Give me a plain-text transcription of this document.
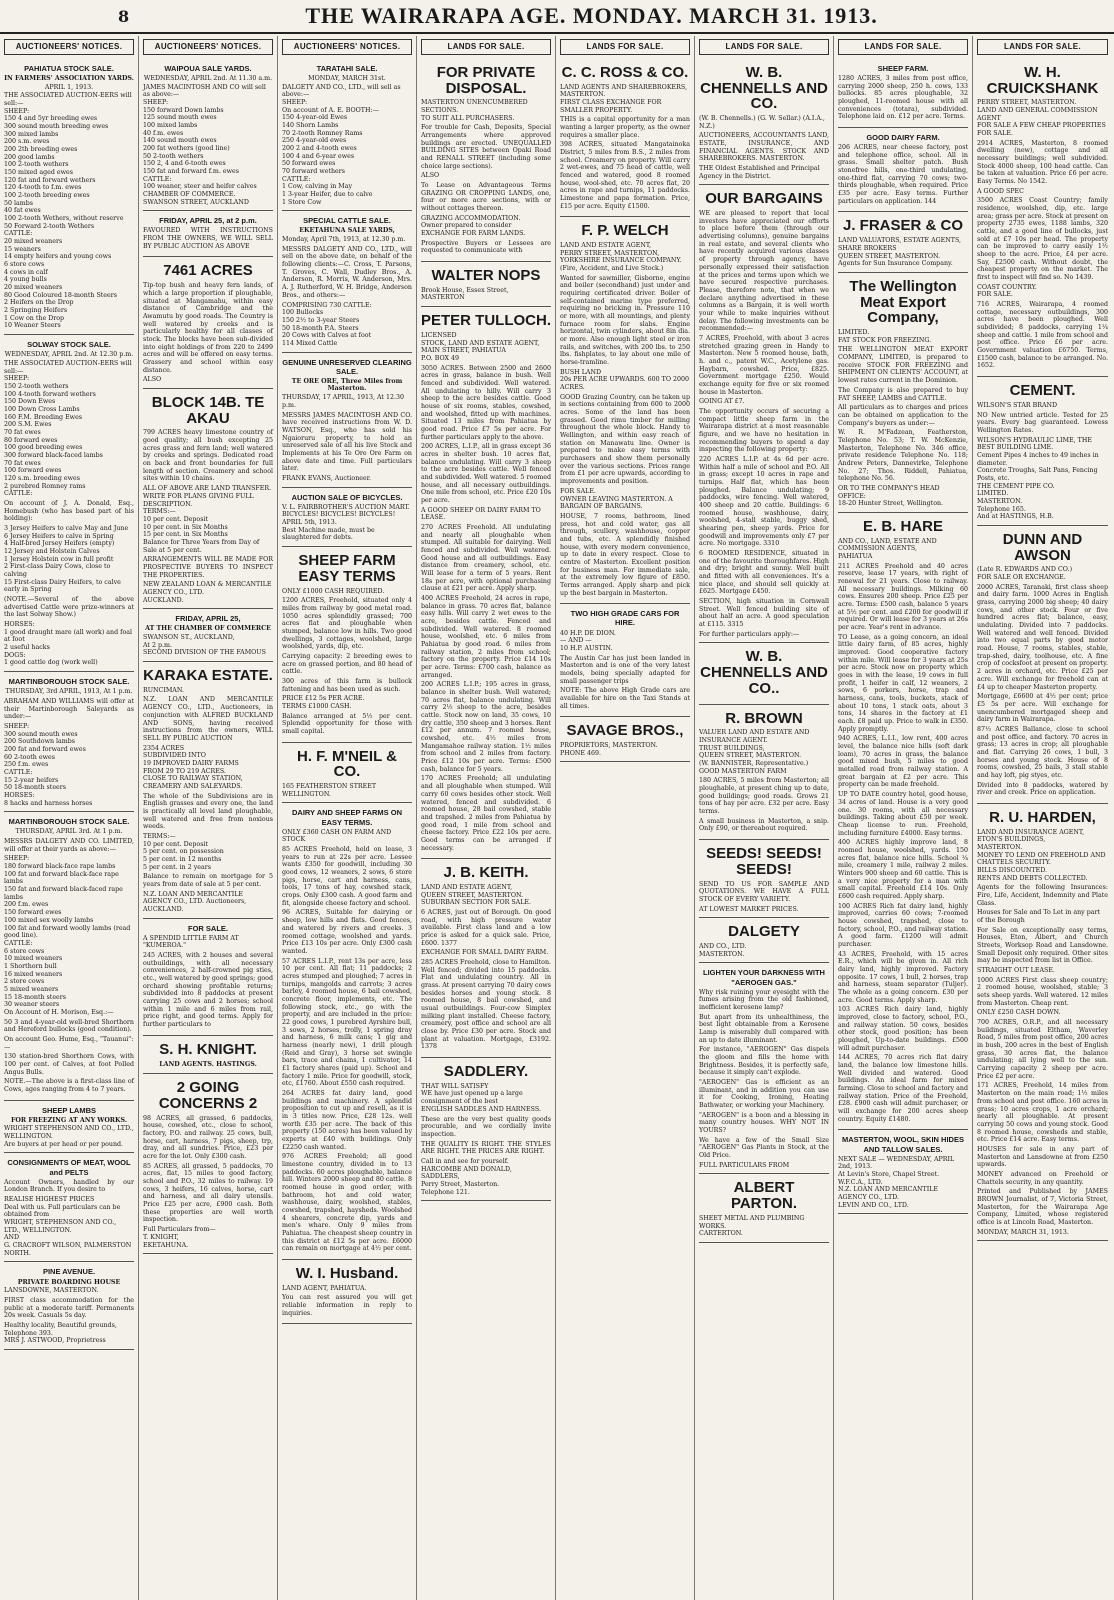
8	THE WAIRARAPA AGE. MONDAY. MARCH 31. 1913.
AUCTIONEERS' NOTICES.
PAHIATUA STOCK SALE.
IN FARMERS' ASSOCIATION YARDS.
APRIL 1, 1913.
THE ASSOCIATED AUCTION-EERS will sell:—
SHEEP:
150 4 and 5yr breeding ewes
300 sound mouth breeding ewes
300 mixed lambs
200 s.m. ewes
200 2th breeding ewes
200 good lambs
100 2-tooth wethers
150 mixed aged ewes
120 fat and forward wethers
120 4-tooth to f.m. ewes
100 2-tooth breeding ewes
50 lambs
40 fat ewes
100 2-tooth Wethers, without reserve
50 Forward 2-tooth Wethers
CATTLE:
20 mixed weaners
15 weaners
14 empty heifers and young cows
6 store cows
4 cows in calf
4 young bulls
20 mixed weaners
80 Good Coloured 18-month Steers
2 Heifers on the Drop
2 Springing Heifers
1 Cow on the Drop
10 Weaner Steers
SOLWAY STOCK SALE.
WEDNESDAY, APRIL 2nd. At 12.30 p.m.
THE ASSOCIATED AUCTION-EERS will sell:—
SHEEP:
150 2-tooth wethers
100 4-tooth forward wethers
150 Down Ewes
100 Down Cross Lambs
160 F.M. Breeding Ewes
200 S.M. Ewes
70 fat ewes
80 forward ewes
100 good breeding ewes
300 forward black-faced lambs
70 fat ewes
100 forward ewes
120 s.m. breeding ewes
2 purebred Romney rams
CATTLE:
On account of J. A. Donald, Esq., Homebush (who has based part of his holding):
3 Jersey Heifers to calve May and June
6 Jersey Heifers to calve in Spring
4 Half-bred Jersey Heifers (empty)
12 Jersey and Holstein Calves
1 Jersey Holstein cow in full profit
2 First-class Dairy Cows, close to calving
15 First-class Dairy Heifers, to calve early in Spring
(NOTE.—Several of the above advertised Cattle were prize-winners at the last Solway Show.)
HORSES:
1 good draught mare (all work) and foal at foot
2 useful hacks
DOGS:
1 good cattle dog (work well)
MARTINBOROUGH STOCK SALE.
THURSDAY, 3rd APRIL, 1913, At 1 p.m.
ABRAHAM AND WILLIAMS will offer at their Martinborough Saleyards as under:—
SHEEP:
300 sound mouth ewes
200 Southdown lambs
200 fat and forward ewes
60 2-tooth ewes
250 f.m. ewes
CATTLE:
15 2-year heifers
50 18-month steers
HORSES:
8 hacks and harness horses
MARTINBOROUGH STOCK SALE.
THURSDAY, APRIL 3rd. At 1 p.m.
MESSRS DALGETY AND CO. LIMITED, will offer at their yards as above:—
SHEEP:
180 forward black-face rape lambs
100 fat and forward black-face rape lambs
150 fat and forward black-faced rape lambs
200 f.m. ewes
150 forward ewes
100 mixed sex woolly lambs
100 fat and forward woolly lambs (read good line).
CATTLE:
6 store cows
10 mixed weaners
1 Shorthorn bull
16 mixed weaners
2 store cows
5 mixed weaners
15 18-month steers
30 weaner steers
On Account of H. Morison, Esq.:—
50 3 and 4-year-old well-bred Shorthorn and Hereford bullocks (good condition).
On account Geo. Hume, Esq., "Tauanui":—
130 station-bred Shorthorn Cows, with 100 per cent. of Calves, at foot Polled Angus Bulls.
NOTE.—The above is a first-class line of Cows, ages ranging from 4 to 7 years.
SHEEP LAMBS
FOR FREEZING AT ANY WORKS.
WRIGHT STEPHENSON AND CO., LTD.,
WELLINGTON.
Are buyers at per head or per pound.
CONSIGNMENTS OF MEAT, WOOL and PELTS
Account Owners, handled by our London Branch. If you desire to
REALISE HIGHEST PRICES
Deal with us. Full particulars can be obtained from
WRIGHT, STEPHENSON AND CO., LTD., WELLINGTON.
AND
G. CRACROFT WILSON, PALMERSTON NORTH.
PINE AVENUE.
PRIVATE BOARDING HOUSE
LANSDOWNE, MASTERTON.
FIRST class accommodation for the public at a moderate tariff. Permanents 20s week. Casuals 5s day.
Healthy locality, Beautiful grounds, Telephone 393.
MRS J. ASTWOOD, Proprietress
AUCTIONEERS' NOTICES.
WAIPOUA SALE YARDS.
WEDNESDAY, APRIL 2nd. At 11.30 a.m.
JAMES MACINTOSH AND CO will sell as above:—
SHEEP:
150 forward Down lambs
125 sound mouth ewes
100 mixed lambs
40 f.m. ewes
140 sound mouth ewes
200 fat wethers (good line)
50 2-tooth wethers
150 2, 4 and 6-tooth ewes
150 fat and forward f.m. ewes
CATTLE:
100 weaner, steer and heifer calves
CHAMBER OF COMMERCE.
SWANSON STREET, AUCKLAND
FRIDAY, APRIL 25, at 2 p.m.
FAVOURED WITH INSTRUCTIONS FROM THE OWNERS, WE WILL SELL BY PUBLIC AUCTION AS ABOVE
7461 ACRES
Tip-top bush and heavy fern lands, of which a large proportion if ploughable, situated at Mangamahu, within easy distance of Cambridge and the Awamutu by good roads. The Country is well watered by creeks and is particularly healthy for all classes of stock. The blocks have been sub-divided into eight holdings of from 220 to 2499 acres and will be offered on easy terms. Grassery and school within easy distance.
ALSO
BLOCK 14B. TE AKAU
799 ACRES heavy limestone country of good quality; all bush excepting 25 acres grass and fern land; well watered by creeks and springs. Dedicated road on back and front boundaries for full length of section. Creamery and school sites within 10 chains.
ALL OF ABOVE ARE LAND TRANSFER.
WRITE FOR PLANS GIVING FULL DESCRIPTION.
TERMS:—
10 per cent. Deposit
10 per cent. in Six Months
15 per cent. in Six Months
Balance for Three Years from Day of Sale at 5 per cent.
ARRANGEMENTS WILL BE MADE FOR PROSPECTIVE BUYERS TO INSPECT THE PROPERTIES.
NEW ZEALAND LOAN & MERCANTILE AGENCY CO., LTD.
AUCKLAND.
FRIDAY, APRIL 25,
AT THE CHAMBER OF COMMERCE
SWANSON ST., AUCKLAND,
At 2 p.m.
SECOND DIVISION OF THE FAMOUS
KARAKA ESTATE.
RUNCIMAN.
N.Z. LOAN AND MERCANTILE AGENCY CO., LTD., Auctioneers, in conjunction with ALFRED BUCKLAND AND SONS, having received instructions from the owners, WILL SELL BY PUBLIC AUCTION
2354 ACRES
SUBDIVIDED INTO
19 IMPROVED DAIRY FARMS
FROM 29 TO 219 ACRES.
CLOSE TO RAILWAY STATION, CREAMERY AND SALEYARDS.
The whole of the Subdivisions are in English grasses and every one, the land is practically all level land ploughable, well watered and free from noxious weeds.
TERMS:—
10 per cent. Deposit
5 per cent. on possession
5 per cent. in 12 months
5 per cent. in 2 years
Balance to remain on mortgage for 5 years from date of sale at 5 per cent.
N.Z. LOAN AND MERCANTILE AGENCY CO., LTD. Auctioneers,
AUCKLAND.
FOR SALE.
A SPENDID LITTLE FARM AT
"KUMEROA."
245 ACRES, with 2 houses and several outbuildings, with all necessary conveniences, 2 half-crowned pig sties, etc., well watered by good springs; good orchard showing profitable returns; subdivided into 8 paddocks at present carrying 25 cows and 2 horses; school within 1 mile and 6 miles from rail, price right, and good terms. Apply for further particulars to
S. H. KNIGHT.
LAND AGENTS. HASTINGS.
2 GOING CONCERNS 2
98 ACRES, all grassed, 6 paddocks, house, cowshed, etc., close to school, factory, P.O. and railway. 25 cows, bull, horse, cart, harness, 7 pigs, sheep, trp, dray, and all sundries. Price, £23 per acre for the lot. Only £300 cash.
85 ACRES, all grassed, 5 paddocks, 70 acres, flat, 15 miles to good factory, school and P.O., 32 miles to railway. 19 cows, 3 heifers, 16 calves, horse, cart and harness, and all dairy utensils. Price £25 per acre, £900 cash. Both these properties are well worth inspection.
Full Particulars from—
T. KNIGHT,
EKETAHUNA.
AUCTIONEERS' NOTICES.
TARATAHI SALE.
MONDAY, MARCH 31st.
DALGETY AND CO., LTD., will sell as above:—
SHEEP:
On account of A. E. BOOTH:—
150 4-year-old Ewes
140 Shorn Lambs
70 2-tooth Romney Rams
250 4-year-old ewes
200 2 and 4-tooth ewes
100 4 and 6-year ewes
50 forward ewes
70 forward wethers
CATTLE:
1 Cow, calving in May
1 3-year Heifer, due to calve
1 Store Cow
SPECIAL CATTLE SALE.
EKETAHUNA SALE YARDS,
Monday, April 7th, 1913, at 12.30 p.m.
MESSRS DALGETY AND CO., LTD., will sell on the above date, on behalf of the following clients:—C. Cross, T. Parsons, T. Groves, C. Wall, Dudley Bros., A. Anderson, R. Morris, W. Anderson, Mrs. A. J. Rutherford, W. H. Bridge, Anderson Bros., and others:—
COMPRISING 730 CATTLE:
100 Bullocks
150 2½ to 3-year Steers
50 18-month P.A. Steers
20 Cows with Calves at foot
114 Mixed Cattle
GENUINE UNRESERVED CLEARING SALE.
TE ORE ORE, Three Miles from Masterton.
THURSDAY, 17 APRIL, 1913, At 12.30 p.m.
MESSRS JAMES MACINTOSH AND CO. have received instructions from W. D. WATSON, Esq., who has sold his Ngaioruru property, to hold an unreserved sale of all his live Stock and Implements at his Te Ore Ore Farm on above date and time. Full particulars later.
FRANK EVANS, Auctioneer.
AUCTION SALE OF BICYCLES.
V. L. FAIRBROTHER'S AUCTION MART.
BICYCLES! BICYCLES! BICYCLES!
APRIL 5th, 1913.
Best Machine made, must be slaughtered for debts.
SHEEP FARM EASY TERMS
ONLY £1000 CASH REQUIRED.
1200 ACRES, Freehold, situated only 4 miles from railway by good metal road. 1050 acres splendidly grassed; 700 acres flat and ploughable when stumped, balance low in hills. Two good dwellings, 3 cottages, woolshed, large woolshed, yards, dip, etc.
Carrying capacity: 2 breeding ewes to acre on grassed portion, and 80 head of cattle.
300 acres of this farm is bullock fattening and has been used as such.
PRICE £12 5s PER ACRE.
TERMS £1000 CASH.
Balance arranged at 5½ per cent. Splendid opportunity for those with small capital.
H. F. M'NEIL & CO.
165 FEATHERSTON STREET
WELLINGTON.
DAIRY AND SHEEP FARMS ON EASY TERMS.
ONLY £360 CASH ON FARM AND STOCK
85 ACRES Freehold, held on lease, 3 years to run at 22s per acre. Lessee wants £350 for goodwill, including 30 good cows, 12 weaners, 2 sows, 6 store pigs, horse, cart and harness, cans, tools, 17 tons of hay, cowshed stack, crops. Only £300 cash. A good farm and fit, alongside cheese factory and school.
96 ACRES, Suitable for dairying or sheep, low hills and flats. Good fences, and watered by rivers and creeks. 3 roomed cottage, woolshed and yards. Price £13 10s per acre. Only £300 cash wanted.
57 ACRES L.I.P., rent 13s per acre, less 10 per cent. All flat; 11 paddocks; 2 acres stumped and ploughed; 7 acres in turnips, mangolds and carrots; 3 acres barley, 4 roomed house, 6 bail cowshed, concrete floor, implements, etc. The following stock, etc., go with the property, and are included in the price: 22 good cows, 1 purebred Ayrshire bull, 3 sows, 2 horses, trolly, 1 spring dray and harness, 6 milk cans; 1 gig and harness (nearly new), 1 drill plough (Reid and Gray), 3 horse set swingle bars, trace and chains, 1 cultivator, 14 £1 factory shares (paid up). School and factory 1 mile. Price for goodwill, stock, etc, £1760. About £550 cash required.
264 ACRES fat dairy land, good buildings and machinery. A splendid proposition to cut up and resell, as it is in 3 titles now. Price, £28 12s. well worth £35 per acre. The back of this property (150 acres) has been valued by experts at £40 with buildings. Only £2250 cash wanted.
976 ACRES Freehold; all good limestone country, divided in to 13 paddocks. 60 acres ploughable, balance hill. Winters 2000 sheep and 80 cattle. 8 roomed house in good order, with bathroom, hot and cold water, washhouse, dairy, woolshed, stables, cowshed, trapshed, haysheds. Woolshed 4 shearers, concrete dip, yards and men's whare. Only 9 miles from Pahiatua. The cheapest sheep country in this district at £12 5s per acre. £6000 can remain on mortgage at 4½ per cent.
W. I. Husband.
LAND AGENT, PAHIATUA.
You can rest assured you will get reliable information in reply to inquiries.
LANDS FOR SALE.
FOR PRIVATE DISPOSAL.
MASTERTON UNENCUMBERED SECTIONS.
TO SUIT ALL PURCHASERS.
For trouble for Cash, Deposits, Special Arrangements where approved buildings are erected. UNEQUALLED BUILDING SITES between Opaki Road and RENALL STREET (including some choice large sections).
ALSO
To Lease on Advantageous Terms GRAZING OR CROPPING LANDS, one, four or more acre sections, with or without cottages thereon.
GRAZING ACCOMMODATION.
Owner prepared to consider EXCHANGE FOR FARM LANDS.
Prospective Buyers or Lessees are requested to communicate with
WALTER NOPS
Brook House, Essex Street,
MASTERTON
PETER TULLOCH.
LICENSED
STOCK, LAND AND ESTATE AGENT,
MAIN STREET, PAHIATUA
P.O. BOX 49
3050 ACRES. Between 2500 and 2600 acres in grass, balance in bush. Well fenced and subdivided. Well watered. All undulating to hilly. Will carry 3 sheep to the acre besides cattle. Good house of six rooms, stables, cowshed, and woolshed, fitted up with machines. Situated 13 miles from Pahiatua by good road. Price £7 5s per acre. For further particulars apply to the above.
200 ACRES, L.I.P., all in grass except 36 acres in shelter bush. 10 acres flat, balance undulating. Will carry 3 sheep to the acre besides cattle. Well fenced and subdivided. Well watered. 5 roomed house, and all necessary outbuildings. One mile from school, etc. Price £20 10s per acre.
A GOOD SHEEP OR DAIRY FARM TO LEASE.
270 ACRES Freehold. All undulating and nearly all ploughable when stumped. All suitable for dairying. Well fenced and subdivided. Well watered. Good house and all outbuildings. Easy distance from creamery, school, etc. Will lease for a term of 5 years. Rent 18s per acre, with optional purchasing clause at £21 per acre. Apply sharp.
400 ACRES Freehold, 24 acres in rape, balance in grass. 70 acres flat, balance easy hills. Will carry 2 wet ewes to the acre, besides cattle. Fenced and subdivided. Well watered. 8 roomed house, woolshed, etc. 6 miles from Pahiatua by good road. 6 miles from railway station, 2 miles from school; factory on the property. Price £14 10s per acre. Terms: £700 cash, balance as arranged.
200 ACRES L.I.P.; 195 acres in grass, balance in shelter bush. Well watered; 70 acres flat, balance undulating. Will carry 2½ sheep to the acre, besides cattle. Stock now on land, 35 cows, 10 dry cattle, 350 sheep and 3 horses. Rent £12 per annum. 7 roomed house, cowshed, etc. 4½ miles from Mangamahoe railway station. 1½ miles from school and 2 miles from factory. Price £12 10s per acre. Terms: £500 cash, balance for 5 years.
170 ACRES Freehold; all undulating and all ploughable when stumped. Will carry 60 cows besides other stock. Well watered, fenced and subdivided. 6 roomed house, 28 bail cowshed, stable and trapshed. 2 miles from Pahiatua by good road, 1 mile from school and cheese factory. Price £22 10s per acre. Good terms can be arranged if necessary.
J. B. KEITH.
LAND AND ESTATE AGENT,
QUEEN STREET, MASTERTON.
SUBURBAN SECTION FOR SALE.
6 ACRES, just out of Borough. On good road, with high pressure water available. First class land and a low price is asked for a quick sale. Price, £600. 1377
EXCHANGE FOR SMALL DAIRY FARM.
285 ACRES Freehold, close to Hamilton. Well fenced; divided into 15 paddocks. Flat and undulating country. All in grass. At present carrying 70 dairy cows besides horses and young stock. 8 roomed house, 8 bail cowshed, and usual outbuildings. Four-cow Simplex milking plant installed. Cheese factory, creamery, post office and school are all close by. Price £30 per acre. Stock and plant at valuation. Mortgage, £3192. 1378
SADDLERY.
THAT WILL SATISFY
WE have just opened up a large consignment of the best
ENGLISH SADDLES AND HARNESS.
These are the very best quality goods procurable, and we cordially invite inspection.
THE QUALITY IS RIGHT. THE STYLES ARE RIGHT. THE PRICES ARE RIGHT.
Call in and see for yourself.
HARCOMBE AND DONALD, SADDLERS,
Perry Street, Masterton.
Telephone 121.
LANDS FOR SALE.
C. C. ROSS & CO.
LAND AGENTS AND SHAREBROKERS,
MASTERTON.
FIRST CLASS EXCHANGE FOR SMALLER PROPERTY.
THIS is a capital opportunity for a man wanting a larger property, as the owner requires a smaller place.
398 ACRES, situated Mangatainoka District, 5 miles from B.S., 2 miles from school. Creamery on property. Will carry 2 wet-ewes, and 75 head of cattle, well fenced and watered, good 8 roomed house, wool-shed, etc. 70 acres flat, 20 acres in rape and turnips, 11 paddocks. Limestone and papa formation. Price, £15 per acre. Equity £1500.
F. P. WELCH
LAND AND ESTATE AGENT,
PERRY STREET, MASTERTON,
YORKSHIRE INSURANCE COMPANY.
(Fire, Accident, and Live Stock.)
Wanted for sawmiller, Gisborne, engine and boiler (secondhand) just under and requiring certificated driver. Boiler of self-contained marine type preferred, requiring no bricking in. Pressure 110 or more, with all mountings, and plenty furnace room for slabs. Engine horizontal, twin cylinders, about 8in dia. or more. Also enough light steel or iron rails, and switches, with 200 lbs. to 250 lbs. fishplates, to lay about one mile of horse-tramline.
BUSH LAND
20s PER ACRE UPWARDS. 600 TO 2000 ACRES.
GOOD Grazing Country, can be taken up in sections containing from 600 to 2000 acres. Some of the land has been grassed. Good rimu timber for milling throughout the whole block. Handy to Wellington, and within easy reach of station on Manawatu line. Owner is prepared to make easy terms with purchasers and show them personally over the various sections. Prices range from £1 per acre upwards, according to improvements and position.
FOR SALE.
OWNER LEAVING MASTERTON. A BARGAIN OF BARGAINS.
HOUSE, 7 rooms, bathroom, lined press, hot and cold water, gas all through, scullery, washhouse, copper and tubs, etc. A splendidly finished house, with every modern convenience, up to date in every respect. Close to centre of Masterton. Excellent position for business man. For immediate sale, at the extremely low figure of £850. Terms arranged. Apply sharp and pick up the best bargain in Masterton.
TWO HIGH GRADE CARS FOR HIRE.
40 H.P. DE DION.
— AND —
10 H.P. AUSTIN.
The Austin Car has just been landed in Masterton and is one of the very latest models, being specially adapted for small passenger trips
NOTE: The above High Grade cars are available for hire on the Taxi Stands at all times.
SAVAGE BROS.,
PROPRIETORS, MASTERTON.
PHONE 469.
LANDS FOR SALE.
W. B. CHENNELLS AND CO.
(W. B. Chennells.) (G. W. Sellar.) (A.I.A., N.Z.)
AUCTIONEERS, ACCOUNTANTS LAND, ESTATE, INSURANCE, AND FINANCIAL AGENTS. STOCK AND SHAREBROKERS. MASTERTON.
THE Oldest Established and Principal Agency in the District.
OUR BARGAINS
WE are pleased to report that local investors have appreciated our efforts to place before them (through our advertising columns), genuine bargains in real estate, and several clients who have recently acquired various classes of property through agency, have personally expressed their satisfaction at the prices and terms upon which we have secured respective purchases. Please, therefore note, that when we declare anything advertised in these columns as a Bargain, it is well worth your while to make inquiries without delay. The following investments can be recommended:—
7 ACRES, Freehold, with about 3 acres stretched grazing green in Handy to Masterton. New 5 roomed house, bath, h. and c., patent W.C., Acetylene gas. Haybarn, cowshed. Price, £825. Government mortgage £250. Would exchange equity for five or six roomed house in Masterton.
GOING AT £7.
The opportunity occurs of securing a compact little sheep farm in the Wairarapa district at a most reasonable figure, and we have no hesitation in recommending buyers to spend a day inspecting the following property:
220 ACRES L.I.P. at 4s 6d per acre. Within half a mile of school and P.O. All in grass; except 10 acres in rape and turnips. Half flat, which has been ploughed. Balance undulating; 9 paddocks, wire fencing. Well watered, 400 sheep and 20 cattle. Buildings: 6 roomed house, washhouse, dairy, woolshed, 4-stall stable, buggy shed, shearing pen, sheep yards. Price for goodwill and improvements only £7 per acre. No mortgage. 3310
6 ROOMED RESIDENCE, situated in one of the favourite thoroughfares. High and dry; bright and sunny. Well built and fitted with all conveniences. It's a nice place, and should sell quickly at £625. Mortgage £450.
SECTION, high situation in Cornwall Street. Well fenced building site of about half an acre. A good speculation at £115. 3315
For further particulars apply:—
W. B. CHENNELLS AND CO..
R. BROWN
VALUER LAND AND ESTATE AND INSURANCE AGENT.
TRUST BUILDINGS,
QUEEN STREET, MASTERTON.
(W. BANNISTER, Representative.)
GOOD MASTERTON FARM
180 ACRES, 5 miles from Masterton; all ploughable, at present ching up to date, good buildings; good roads. Grows 21 tons of hay per acre. £32 per acre. Easy terms.
A small business in Masterton, a snip. Only £90, or thereabout required.
SEEDS! SEEDS! SEEDS!
SEND TO US FOR SAMPLE AND QUOTATIONS. WE HAVE A FULL STOCK OF EVERY VARIETY.
AT LOWEST MARKET PRICES.
DALGETY
AND CO., LTD.
MASTERTON.
LIGHTEN YOUR DARKNESS WITH "AEROGEN GAS."
Why risk ruining your eyesight with the fumes arising from the old fashioned, inefficient kerosene lamp?
But apart from its unhealthiness, the best light obtainable from a Kerosene Lamp is miserably dull compared with an up to date illuminant.
For instance, "AEROGEN" Gas dispels the gloom and fills the home with Brightness. Besides, it is perfectly safe, because it simply can't explode.
"AEROGEN" Gas is efficient as an illuminant, and in addition you can use it for Cooking, Ironing, Heating Bathwater, or working your Machinery.
"AEROGEN" is a boon and a blessing in many country houses. WHY NOT IN YOURS?
We have a few of the Small Size "AEROGEN" Gas Plants in Stock, at the Old Price.
FULL PARTICULARS FROM
ALBERT PARTON.
SHEET METAL AND PLUMBING WORKS.
CARTERTON.
LANDS FOR SALE.
SHEEP FARM.
1280 ACRES, 3 miles from post office, carrying 2000 sheep, 250 h. cows, 133 bullocks. 85 acres ploughable, 32 ploughed, 11-roomed house with all conveniences (totara), subdivided. Telephone laid on. £12 per acre. Terms.
GOOD DAIRY FARM.
206 ACRES, near cheese factory, post and telephone office, school. All in grass. Small shelter patch. Bush stonefree hills, one-third undulating, one-third flat, carrying 70 cows; two-thirds ploughable, when required. Price £35 per acre. Easy terms. Further particulars on application. 144
J. FRASER & CO
LAND VALUATORS, ESTATE AGENTS, SHARE BROKERS
QUEEN STREET, MASTERTON.
Agents for Sun Insurance Company.
The Wellington Meat Export Company,
LIMITED.
FAT STOCK FOR FREEZING.
THE WELLINGTON MEAT EXPORT COMPANY, LIMITED, is prepared to receive STOCK FOR FREEZING and SHIPMENT ON CLIENTS' ACCOUNT, at lowest rates current in the Dominion.
The Company is also prepared to buy FAT SHEEP, LAMBS and CATTLE.
All particulars as to charges and prices can be obtained on application to the Company's buyers as under:—
W. R. M'Fadzean, Featherston, Telephone No. 53; T. W. McKenzie, Masterton, Telephone No. 346 office, private residence Telephone No. 118; Andrew Peters, Dannevirke, Telephone No. 27; Thos. Riddell, Pahiatua, telephone No. 56.
OR TO THE COMPANY'S HEAD OFFICE:
18-20 Hunter Street, Wellington.
E. B. HARE
AND CO., LAND, ESTATE AND COMMISSION AGENTS,
PAHIATUA
211 ACRES Freehold and 40 acres reserve, lease 17 years, with right of renewal for 21 years. Close to railway. All necessary buildings. Milking 60 cows. Ensures 200 sheep. Price £25 per acre. Terms: £500 cash, balance 5 years at 5½ per cent. and £200 for goodwill if required. Or will lease for 3 years at 26s per acre. Year's rent in advance.
TO Lease, as a going concern, an ideal little dairy farm, of 85 acres, highly improved. Good cooperative factory within mile. Will lease for 3 years at 25s per acre. Stock now on property which goes in with the lease, 19 cows in full profit, 1 heifer in calf, 12 weaners, 2 sows, 6 porkers, horse, trap and harness, cans, tools, buckets, stack of about 10 tons, 1 stack oats, about 3 tons, 14 shares in the factory at £1 each. £8 paid up. Price to walk in £350. Apply promptly.
940 ACRES, L.I.I., low rent, 400 acres level, the balance nice hills (soft dark loam), 70 acres in grass, the balance good mixed bush, 5 miles to good metalled road from railway station. A great bargain at £2 per acre. This property can be made freehold.
UP TO DATE country hotel, good house, 34 acres of land. House is a very good one. 30 rooms, with all necessary buildings. Taking about £50 per week. Cheap license to run. Freehold, including furniture £4000. Easy terms.
400 ACRES highly improve land, 8 roomed house, woolshed, yards. 150 acres flat, balance nice hills. School ¼ mile, creamery 1 mile, railway 2 miles. Winters 900 sheep and 60 cattle. This is a very nice property for a man with small capital. Freehold £14 10s. Only £600 cash required. Apply sharp.
100 ACRES Rich fat dairy land, highly improved, carries 60 cows; 7-roomed house cowshed, trapshed, close to factory, school, P.O., and railway station. A good farm. £1200 will admit purchaser.
43 ACRES, Freehold, with 15 acres E.R., which will be given in. All rich dairy land, highly improved. Factory opposite. 17 cows, 1 bull, 2 horses, trap and harness, steam separator (Tuljer). The whole as a going concern. £30 per acre. Good terms. Apply sharp.
103 ACRES Rich dairy land, highly improved, close to factory, school, P.O., and railway station. 50 cows, besides other stock, good position; has been ploughed, Up-to-date buildings. £500 will admit purchaser.
144 ACRES, 70 acres rich flat dairy land, the balance low limestone hills. Well divided and watered. Good buildings. An ideal farm for mixed farming. Close to school and factory and railway station. Price of the Freehold, £28. £900 cash will admit purchaser, or will exchange for 200 acres sheep country. Equity £1480.
MASTERTON, WOOL, SKIN HIDES AND TALLOW SALES.
NEXT SALE — WEDNESDAY, APRIL 2nd, 1913.
At Levin's Store, Chapel Street.
W.F.C.A., LTD.
N.Z. LOAN AND MERCANTILE AGENCY CO., LTD.
LEVIN AND CO., LTD.
LANDS FOR SALE.
W. H. CRUICKSHANK
PERRY STREET, MASTERTON.
LAND AND GENERAL COMMISSION AGENT
FOR SALE A FEW CHEAP PROPERTIES
FOR SALE.
2914 ACRES, Masterton, 8 roomed dwelling (new), cottage and all necessary buildings; well subdivided. Stock 4000 sheep, 100 head cattle. Can be taken at valuation. Price £6 per acre. Easy Terms. No 1542.
A GOOD SPEC
3500 ACRES Coast Country; family residence, woolshed, dip, etc. large area; grass per acre. Stock at present on property 2735 ewes, 1188 lambs, 320 cattle, and a good line of bullocks, just sold at £7 10s per head. The property can be improved to carry easily 1½ sheep to the acre. Price, £4 per acre. Say, £2500 cash. Without doubt, the cheapest property on the market. The first to inspect will find so. No 1439.
COAST COUNTRY.
FOR SALE.
716 ACRES, Wairarapa, 4 roomed cottage, necessary outbuildings, 300 acres have been ploughed. Well subdivided; 8 paddocks, carrying 1¼ sheep and cattle. 1 mile from school and post office. Price £6 per acre. Government valuation £6750. Terms, £1500 cash, balance to be arranged. No. 1652.
CEMENT.
WILSON'S STAR BRAND
NO New untried article. Tested for 25 years. Every bag guaranteed. Lowess Wellington Rates.
WILSON'S HYDRAULIC LIME, THE BEST BUILDING LIME.
Cement Pipes 4 inches to 49 inches in diameter.
Concrete Troughs, Salt Pans, Fencing Posts, etc.
THE CEMENT PIPE CO.
LIMITED.
MASTERTON.
Telephone 165.
And at HASTINGS, H.B.
DUNN AND AWSON
(Late R. EDWARDS AND CO.)
FOR SALE OR EXCHANGE.
2000 ACRES, Taranaki, first class sheep and dairy farm. 1000 Acres in English grass, carrying 2000 big sheep; 40 dairy cows, and other stock. Four or five hundred acres flat; balance, easy, undulating. Divided into 7 paddocks. Well watered and well fenced. Divided into two equal parts by good motor road. House, 7 rooms, stables, stable, trap-shed, dairy, toolhouse, etc. A fine crop of cocksfoot at present on property. 2 acres in orchard, etc. Price £25 per acre. Will exchange for freehold can at £4 up to cheaper Masterton property.
Mortgage, £6600 at 4½ per cent; price £5 5s per acre. Will exchange for unencumbered mortgaged sheep and dairy farm in Wairarapa.
87½ ACRES Ballance, close to school and post office, and factory. 70 acres in grass; 13 acres in crop; all ploughable and flat. Carrying 26 cows, 1 bull, 3 horses and young stock. House of 8 rooms, cowshed, 25 bails, 3 stall stable and hay loft, pig styes, etc.
Divided into 8 paddocks, watered by river and creek. Price on application.
R. U. HARDEN,
LAND AND INSURANCE AGENT,
ETON'S BUILDINGS,
MASTERTON.
MONEY TO LEND ON FREEHOLD AND CHATTELS SECURITY.
BILLS DISCOUNTED.
RENTS AND DEBTS COLLECTED.
Agents for the following Insurances: Fire, Life, Accident, Indemnity and Plate Glass.
Houses for Sale and To Let in any part of the Borough
For Sale on exceptionally easy terms, Houses, Eton, Albert, and Church Streets, Worksop Road and Lansdowne. Small Deposit only required. Other sites may be inspected from list in Office.
STRAIGHT OUT LEASE.
1000 ACRES First class sheep country; 2 roomed house, woolshed, stable; 3 sets sheep yards. Well watered. 12 miles from Masterton. Cheap rent.
ONLY £250 CASH DOWN.
700 ACRES, O.R.P., and all necessary buildings, situated Eltham, Waverley Road, 5 miles from post office, 200 acres in bush, 200 acres in the best of English grass, 30 acres flat, the balance undulating; all lying well to the sun. Carrying capacity 2 sheep per acre. Price £2 per acre.
171 ACRES, Freehold, 14 miles from Masterton on the main road; 1½ miles from school and post office. 160 acres in grass; 10 acres crops, 1 acre orchard; nearly all ploughable. At present carrying 50 cows and young stock. Good 8 roomed house, cowsheds and stable, etc. Price £14 acre. Easy terms.
HOUSES for sale in any part of Masterton and Lansdowne at from £250 upwards.
MONEY advanced on Freehold or Chattels security, in any quantity.
Printed and Published by JAMES BROWN Journalist, of 7, Victoria Street, Masterton, for the Wairarapa Age Company, Limited, whose registered office is at Lincoln Road, Masterton.
MONDAY, MARCH 31, 1913.
